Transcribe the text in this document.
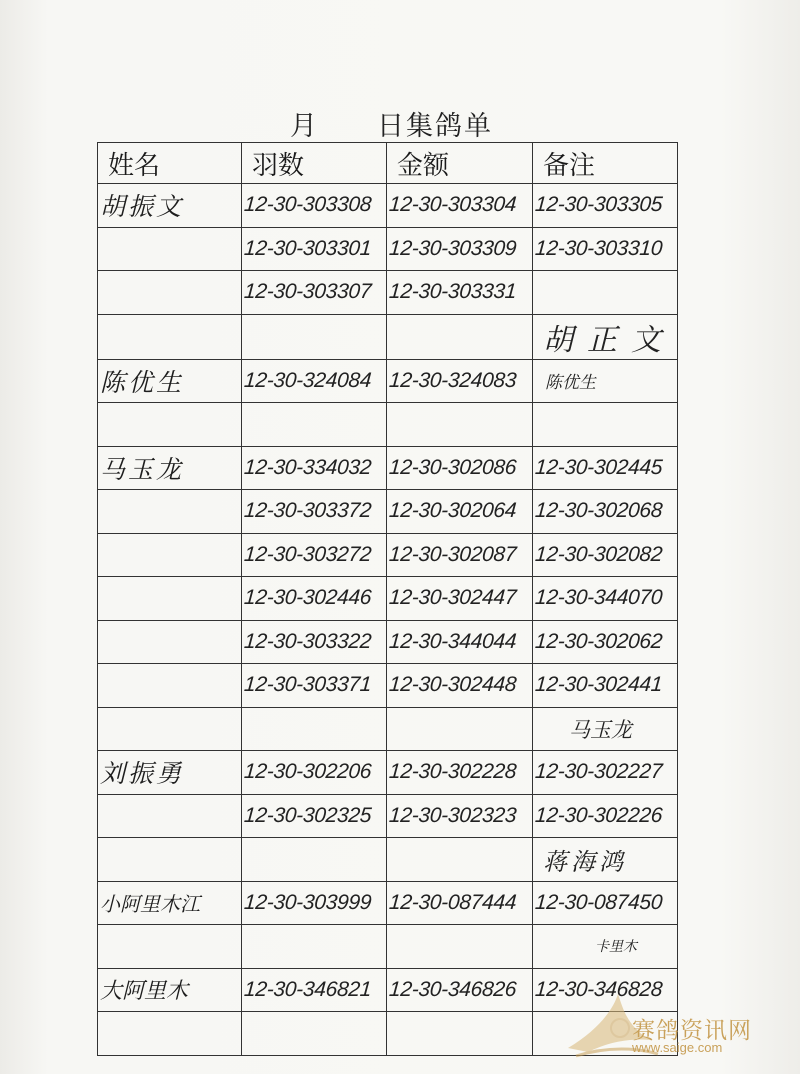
月　　日集鸽单
姓名	羽数	金额	备注
胡振文	12-30-303308	12-30-303304	12-30-303305
	12-30-303301	12-30-303309	12-30-303310
	12-30-303307	12-30-303331	
			胡正文
陈优生	12-30-324084	12-30-324083	陈优生

马玉龙	12-30-334032	12-30-302086	12-30-302445
	12-30-303372	12-30-302064	12-30-302068
	12-30-303272	12-30-302087	12-30-302082
	12-30-302446	12-30-302447	12-30-344070
	12-30-303322	12-30-344044	12-30-302062
	12-30-303371	12-30-302448	12-30-302441
			马玉龙
刘振勇	12-30-302206	12-30-302228	12-30-302227
	12-30-302325	12-30-302323	12-30-302226
			蒋海鸿
小阿里木江	12-30-303999	12-30-087444	12-30-087450
			卡里木
大阿里木	12-30-346821	12-30-346826	12-30-346828

赛鸽资讯网
www.saige.com
